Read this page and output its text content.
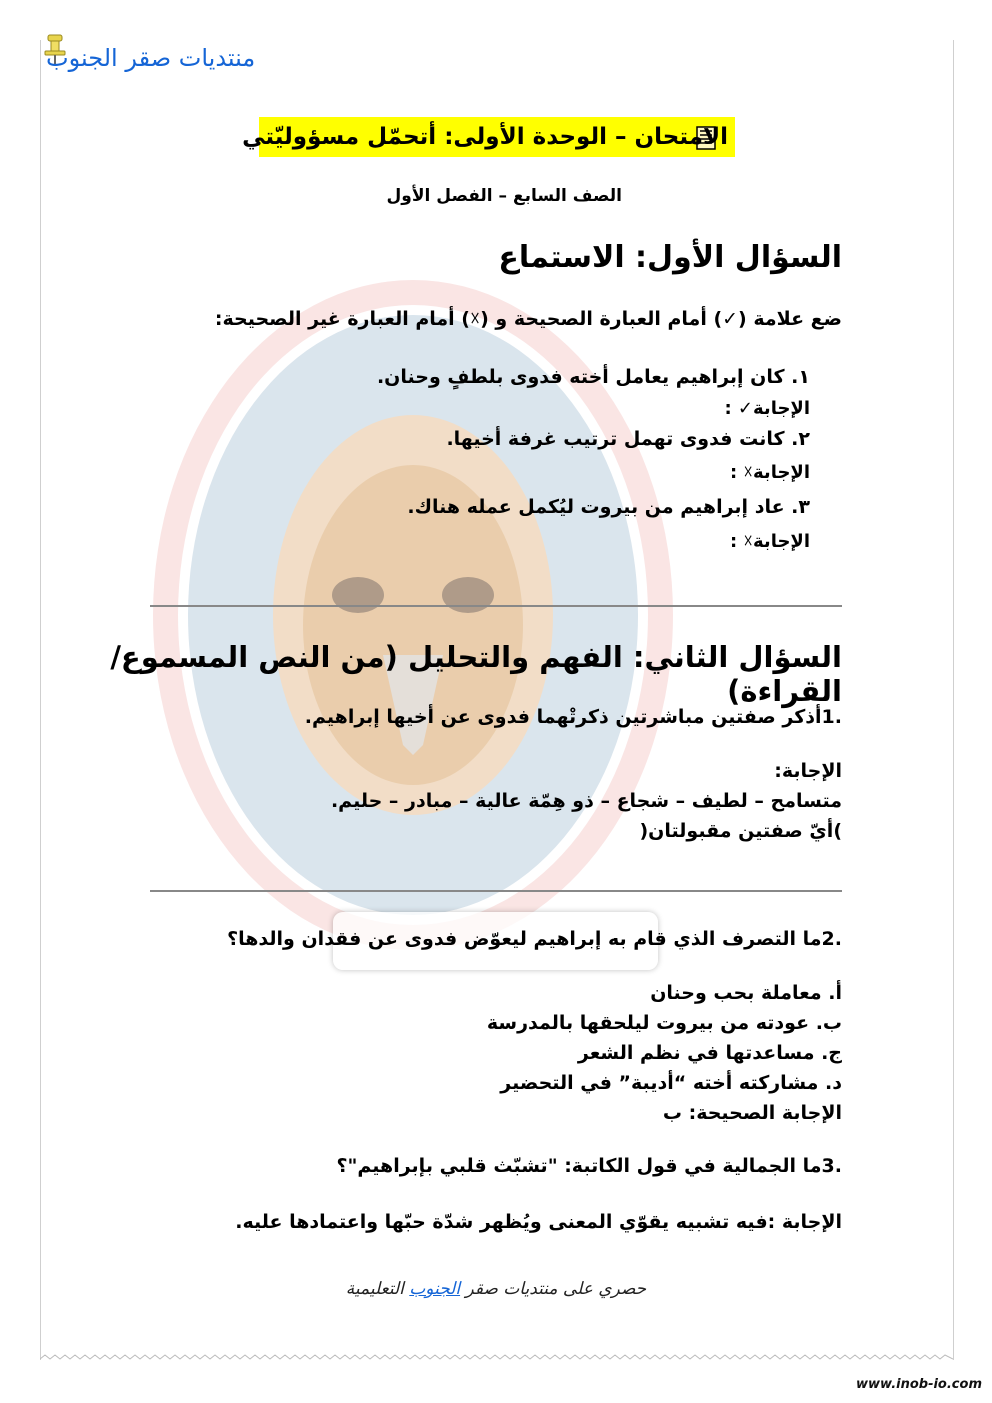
منتديات صقر الجنوب
الامتحان – الوحدة الأولى: أتحمّل مسؤوليّتي
الصف السابع – الفصل الأول
السؤال الأول: الاستماع
ضع علامة (✓) أمام العبارة الصحيحة و (☓) أمام العبارة غير الصحيحة:
١. كان إبراهيم يعامل أخته فدوى بلطفٍ وحنان.
الإجابة✓ :
٢. كانت فدوى تهمل ترتيب غرفة أخيها.
الإجابة☓ :
٣. عاد إبراهيم من بيروت ليُكمل عمله هناك.
الإجابة☓ :
السؤال الثاني: الفهم والتحليل (من النص المسموع/القراءة)
.1أذكر صفتين مباشرتين ذكرتْهما فدوى عن أخيها إبراهيم.
الإجابة:
متسامح – لطيف – شجاع – ذو هِمّة عالية – مبادر – حليم.
)أيّ صفتين مقبولتان(
.2ما التصرف الذي قام به إبراهيم ليعوّض فدوى عن فقدان والدها؟
أ. معاملة بحب وحنان
ب. عودته من بيروت ليلحقها بالمدرسة
ج. مساعدتها في نظم الشعر
د. مشاركته أخته “أديبة” في التحضير
الإجابة الصحيحة: ب
.3ما الجمالية في قول الكاتبة: "تشبّث قلبي بإبراهيم"؟
الإجابة :فيه تشبيه يقوّي المعنى ويُظهر شدّة حبّها واعتمادها عليه.
حصري على منتديات صقر الجنوب التعليمية
www.inob-io.com
